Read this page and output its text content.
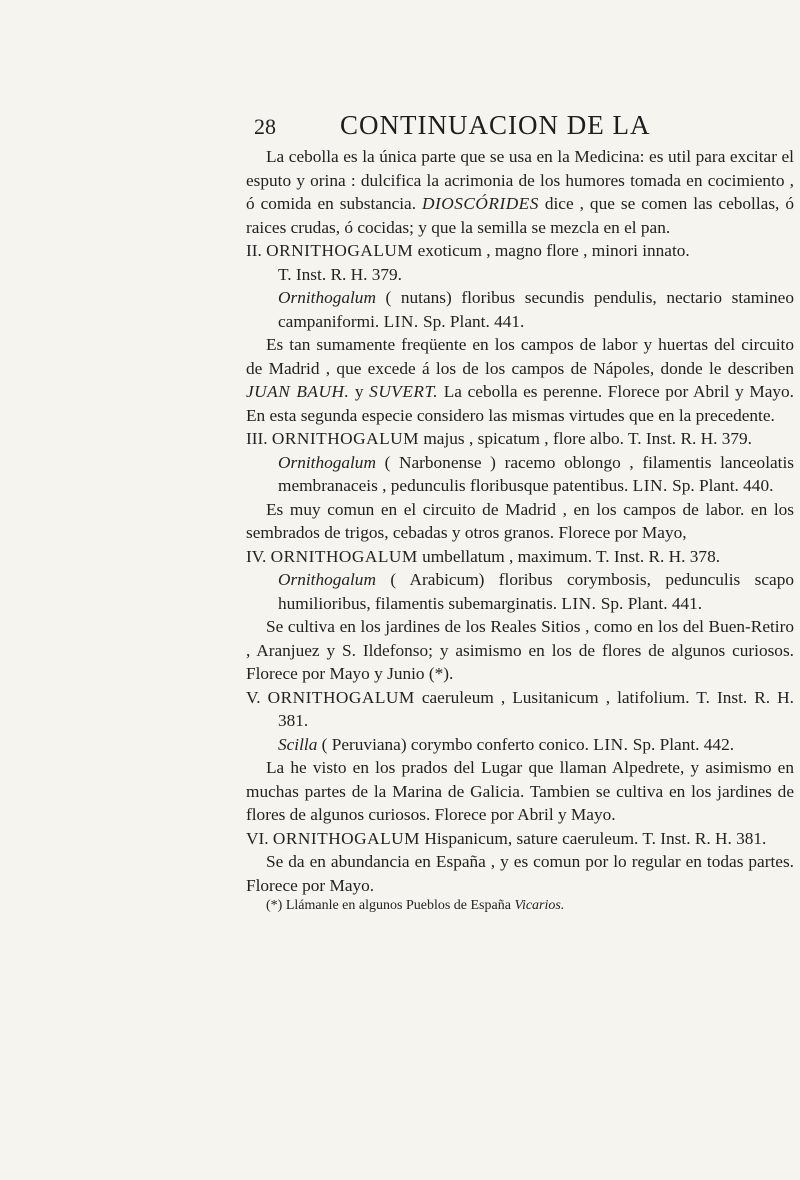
28 CONTINUACION DE LA

La cebolla es la única parte que se usa en la Medicina: es util para excitar el esputo y orina : dulcifica la acrimonia de los humores tomada en cocimiento , ó comida en substancia. DIOSCÓRIDES dice , que se comen las cebollas, ó raices crudas, ó cocidas; y que la semilla se mezcla en el pan.

II. ORNITHOGALUM exoticum , magno flore , minori innato.

T. Inst. R. H. 379.

Ornithogalum ( nutans) floribus secundis pendulis, nectario stamineo campaniformi. LIN. Sp. Plant. 441.

Es tan sumamente freqüente en los campos de labor y huertas del circuito de Madrid , que excede á los de los campos de Nápoles, donde le describen JUAN BAUH. y SUVERT. La cebolla es perenne. Florece por Abril y Mayo. En esta segunda especie considero las mismas virtudes que en la precedente.

III. ORNITHOGALUM majus , spicatum , flore albo. T. Inst. R. H. 379.

Ornithogalum ( Narbonense ) racemo oblongo , filamentis lanceolatis membranaceis , pedunculis floribusque patentibus. LIN. Sp. Plant. 440.

Es muy comun en el circuito de Madrid , en los campos de labor. en los sembrados de trigos, cebadas y otros granos. Florece por Mayo,

IV. ORNITHOGALUM umbellatum , maximum. T. Inst. R. H. 378.

Ornithogalum ( Arabicum) floribus corymbosis, pedunculis scapo humilioribus, filamentis subemarginatis. LIN. Sp. Plant. 441.

Se cultiva en los jardines de los Reales Sitios , como en los del Buen-Retiro , Aranjuez y S. Ildefonso; y asimismo en los de flores de algunos curiosos. Florece por Mayo y Junio (*).

V. ORNITHOGALUM caeruleum , Lusitanicum , latifolium. T. Inst. R. H. 381.

Scilla ( Peruviana) corymbo conferto conico. LIN. Sp. Plant. 442.

La he visto en los prados del Lugar que llaman Alpedrete, y asimismo en muchas partes de la Marina de Galicia. Tambien se cultiva en los jardines de flores de algunos curiosos. Florece por Abril y Mayo.

VI. ORNITHOGALUM Hispanicum, sature caeruleum. T. Inst. R. H. 381.

Se da en abundancia en España , y es comun por lo regular en todas partes. Florece por Mayo.

(*) Llámanle en algunos Pueblos de España Vicarios.
